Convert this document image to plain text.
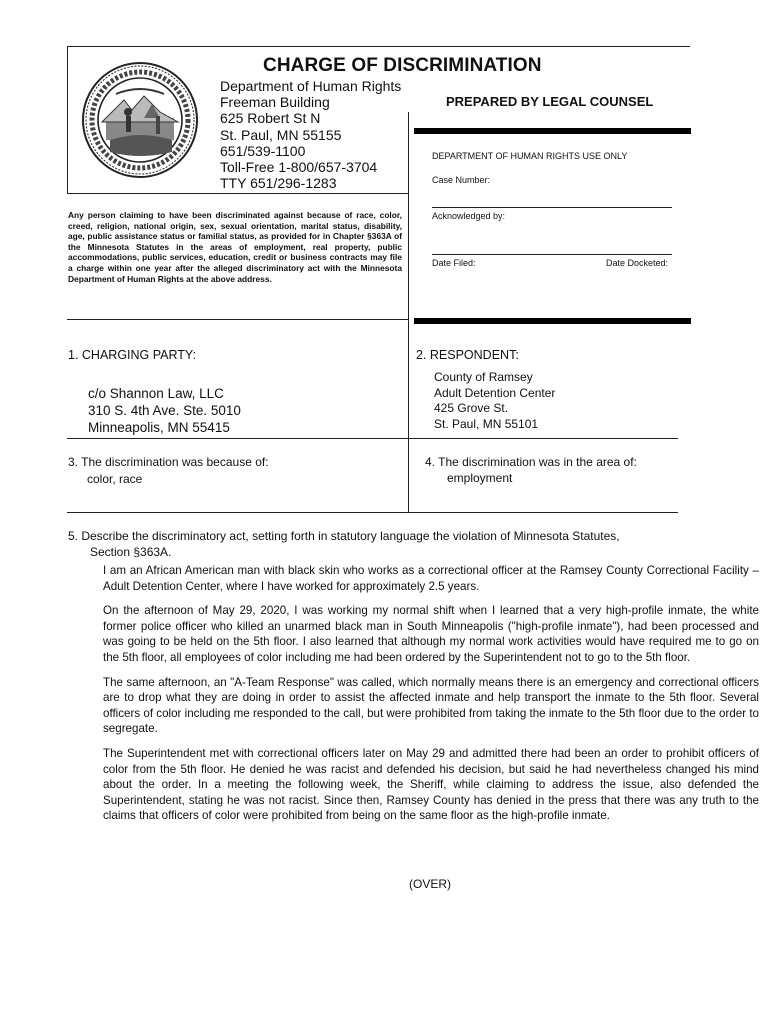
Department of Human Rights
Freeman Building
625 Robert St N
St. Paul, MN 55155
651/539-1100
Toll-Free 1-800/657-3704
TTY 651/296-1283
CHARGE OF DISCRIMINATION
PREPARED BY LEGAL COUNSEL
DEPARTMENT OF HUMAN RIGHTS USE ONLY
Case Number:
Acknowledged by:
Date Filed:	Date Docketed:
Any person claiming to have been discriminated against because of race, color, creed, religion, national origin, sex, sexual orientation, marital status, disability, age, public assistance status or familial status, as provided for in Chapter §363A of the Minnesota Statutes in the areas of employment, real property, public accommodations, public services, education, credit or business contracts may file a charge within one year after the alleged discriminatory act with the Minnesota Department of Human Rights at the above address.
1. CHARGING PARTY:
c/o Shannon Law, LLC
310 S. 4th Ave. Ste. 5010
Minneapolis, MN 55415
2. RESPONDENT:
County of Ramsey
Adult Detention Center
425 Grove St.
St. Paul, MN 55101
3. The discrimination was because of:
color, race
4. The discrimination was in the area of:
employment
5. Describe the discriminatory act, setting forth in statutory language the violation of Minnesota Statutes,
Section §363A.

I am an African American man with black skin who works as a correctional officer at the Ramsey County Correctional Facility – Adult Detention Center, where I have worked for approximately 2.5 years.

On the afternoon of May 29, 2020, I was working my normal shift when I learned that a very high-profile inmate, the white former police officer who killed an unarmed black man in South Minneapolis ("high-profile inmate"), had been processed and was going to be held on the 5th floor. I also learned that although my normal work activities would have required me to go on the 5th floor, all employees of color including me had been ordered by the Superintendent not to go to the 5th floor.

The same afternoon, an "A-Team Response" was called, which normally means there is an emergency and correctional officers are to drop what they are doing in order to assist the affected inmate and help transport the inmate to the 5th floor. Several officers of color including me responded to the call, but were prohibited from taking the inmate to the 5th floor due to the order to segregate.

The Superintendent met with correctional officers later on May 29 and admitted there had been an order to prohibit officers of color from the 5th floor. He denied he was racist and defended his decision, but said he had nevertheless changed his mind about the order. In a meeting the following week, the Sheriff, while claiming to address the issue, also defended the Superintendent, stating he was not racist. Since then, Ramsey County has denied in the press that there was any truth to the claims that officers of color were prohibited from being on the same floor as the high-profile inmate.

(OVER)
